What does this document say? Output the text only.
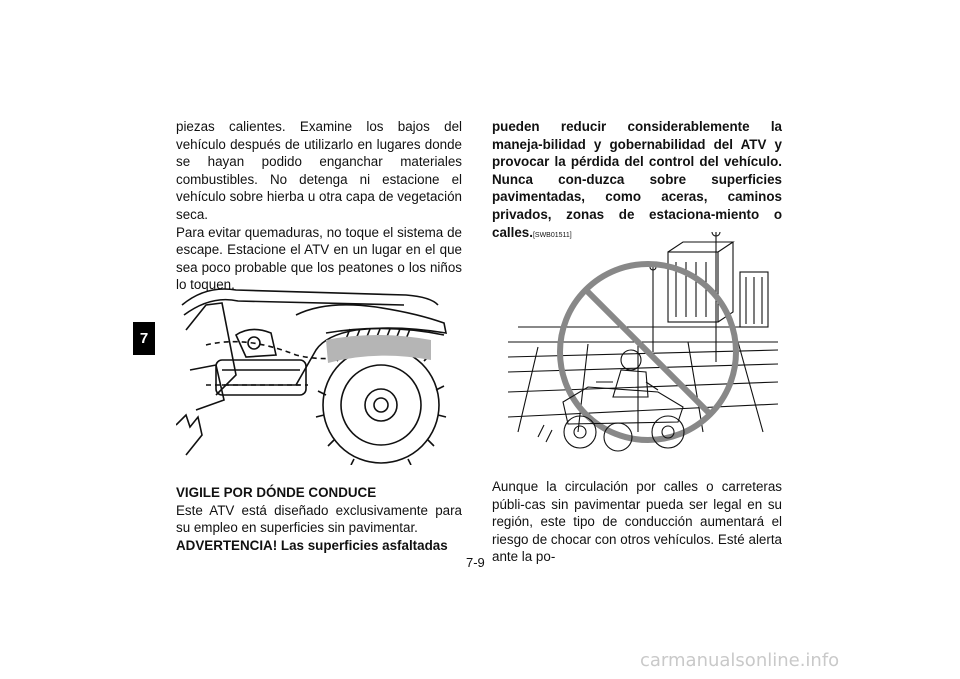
7

piezas calientes. Examine los bajos del vehículo después de utilizarlo en lugares donde se hayan podido enganchar materiales combustibles. No detenga ni estacione el vehículo sobre hierba u otra capa de vegetación seca.

Para evitar quemaduras, no toque el sistema de escape. Estacione el ATV en un lugar en el que sea poco probable que los peatones o los niños lo toquen.

VIGILE POR DÓNDE CONDUCE

Este ATV está diseñado exclusivamente para su empleo en superficies sin pavimentar.
ADVERTENCIA! Las superficies asfaltadas

pueden reducir considerablemente la maneja-bilidad y gobernabilidad del ATV y provocar la pérdida del control del vehículo. Nunca con-duzca sobre superficies pavimentadas, como aceras, caminos privados, zonas de estaciona-miento o calles.[SWB01511]

Aunque la circulación por calles o carreteras públi-cas sin pavimentar pueda ser legal en su región, este tipo de conducción aumentará el riesgo de chocar con otros vehículos. Esté alerta ante la po-

7-9
carmanualsonline.info
